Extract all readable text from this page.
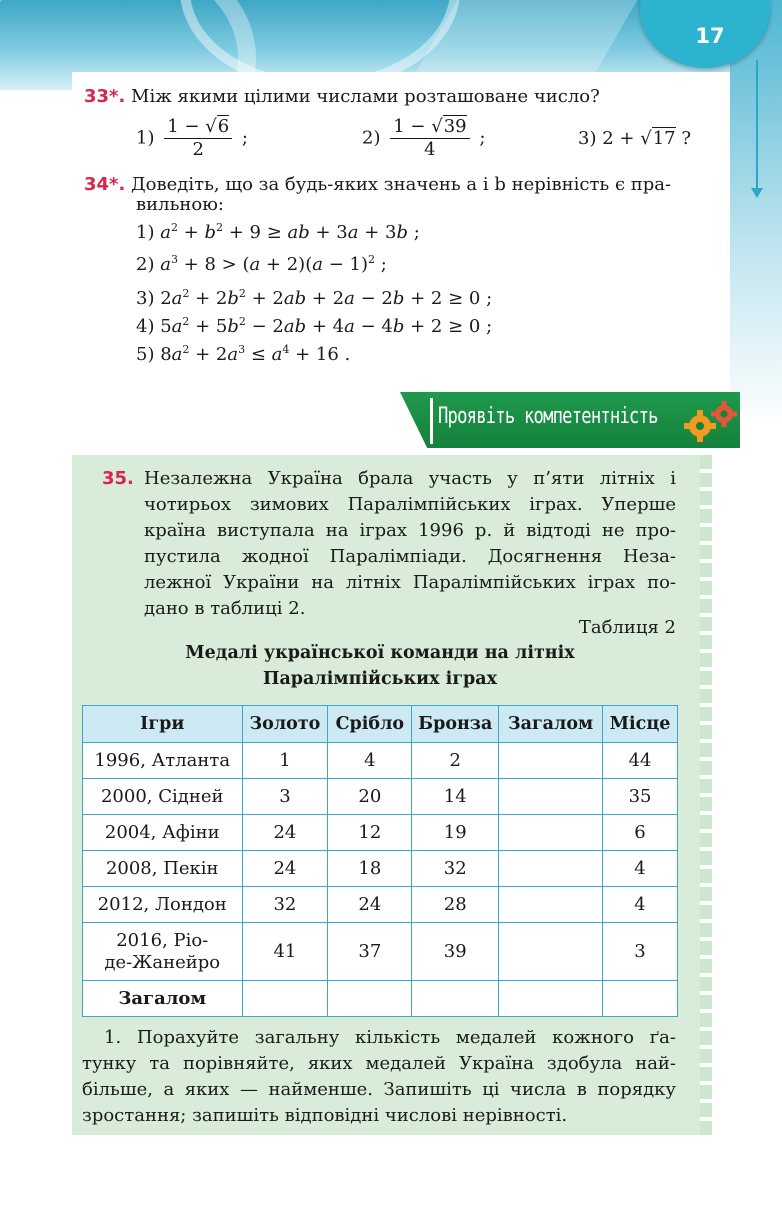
17
33*. Між якими цілими числами розташоване число?
$1) \frac{1 - √6}{2}$ ;	$2) \frac{1 - √39}{4}$ ;	3) 2 + √17 ?
34*. Доведіть, що за будь-яких значень a і b нерівність є пра-
вильною:
1) $a^2 + b^2 + 9$ ≥ ab + 3a + 3b ;
2) $a^3 + 8 > (a + 2)(a - 1)^2$ ;
3) $2a^2 + 2b^2 + 2ab + 2a - 2b + 2 \ge 0$ ;
4) $5a^2 + 5b^2 - 2ab + 4a - 4b + 2 \ge 0$ ;
5) $8a^2 + 2a^3 \le a^4 + 16$ .
Проявіть компетентність
35. Незалежна Україна брала участь у п’яти літніх і
чотирьох зимових Паралімпійських іграх. Уперше
країна виступала на іграх 1996 р. й відтоді не про-
пустила жодної Паралімпіади. Досягнення Неза-
лежної України на літніх Паралімпійських іграх по-
дано в таблиці 2.
Таблиця 2
Медалі української команди на літніх
Паралімпійських іграх
Ігри	Золото	Срібло	Бронза	Загалом	Місце
1996, Атланта	1	4	2		44
2000, Сідней	3	20	14		35
2004, Афіни	24	12	19		6
2008, Пекін	24	18	32		4
2012, Лондон	32	24	28		4
2016, Ріо-
де-Жанейро	41	37	39		3
Загалом					
1. Порахуйте загальну кількість медалей кожного ґа-
тунку та порівняйте, яких медалей Україна здобула най-
більше, а яких — найменше. Запишіть ці числа в порядку
зростання; запишіть відповідні числові нерівності.
